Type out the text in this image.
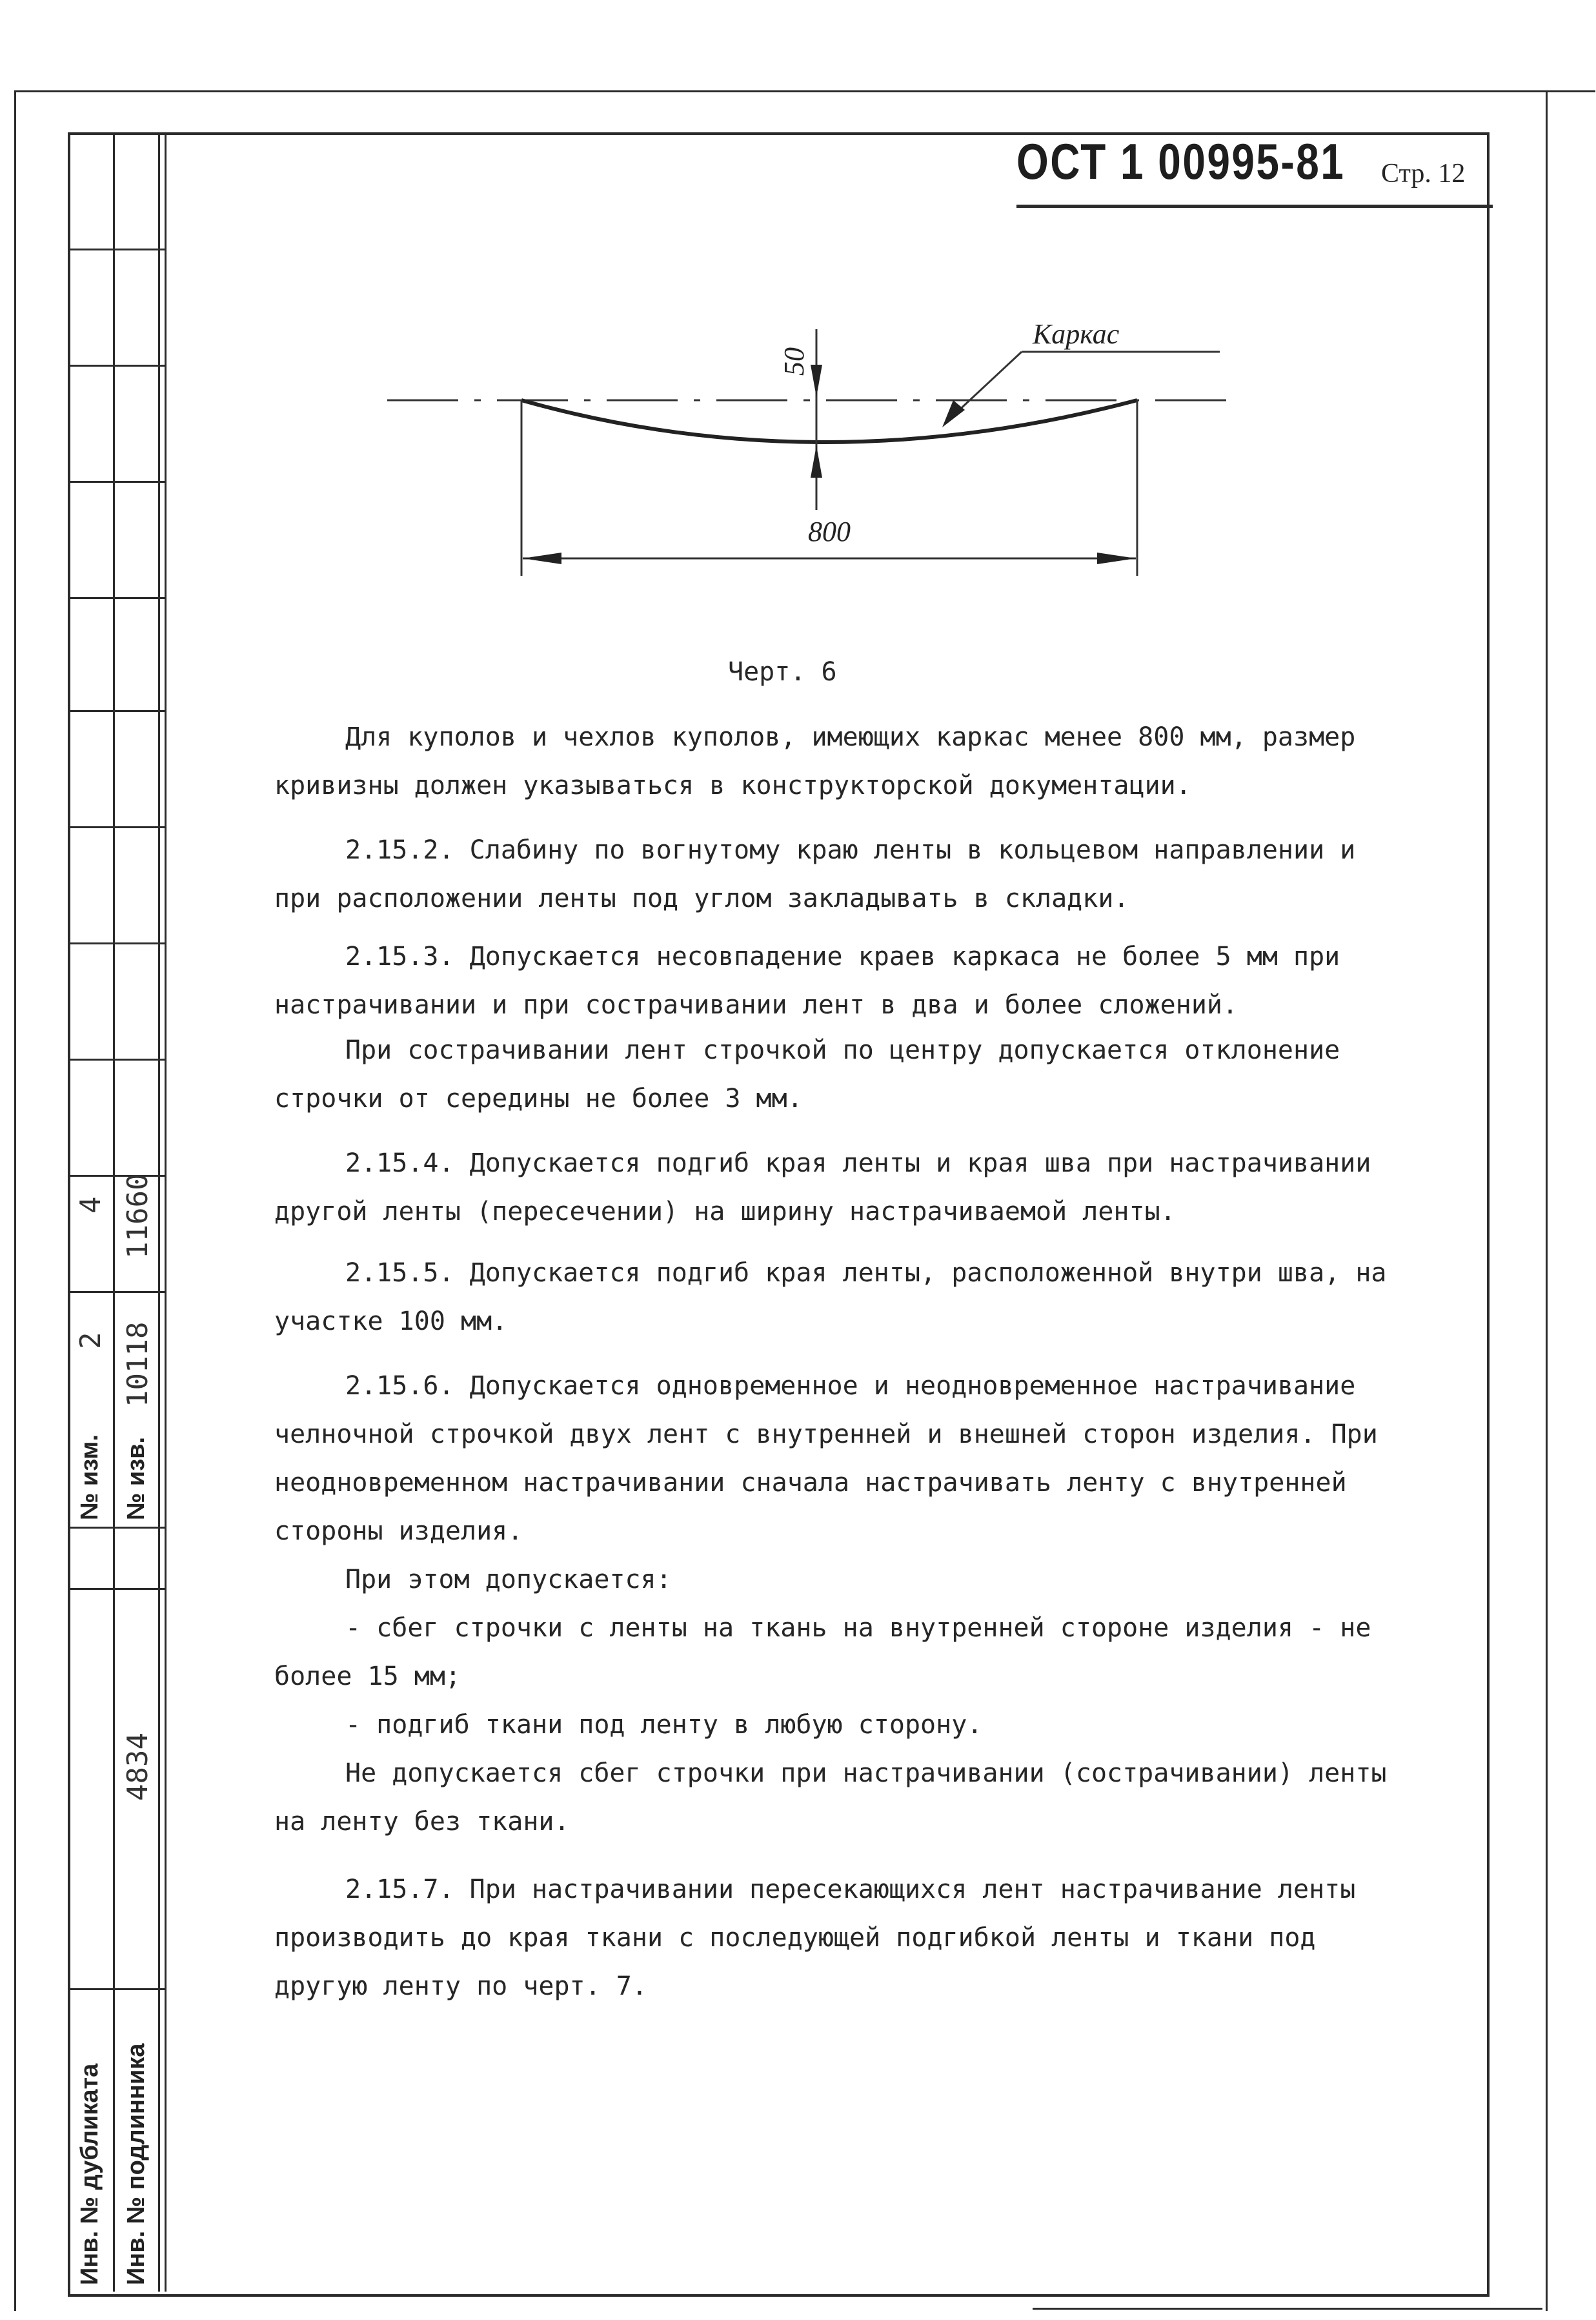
№ изм. № изв.
2
4
10118
11660
4834
Инв. № дубликата Инв. № подлинника
ОСТ 1 00995-81 Стр. 12
800
50
Каркас
Черт. 6

Для куполов и чехлов куполов, имеющих каркас менее 800 мм, размер кривизны должен указываться в конструкторской документации.

2.15.2. Слабину по вогнутому краю ленты в кольцевом направлении и при расположении ленты под углом закладывать в складки.

2.15.3. Допускается несовпадение краев каркаса не более 5 мм при настрачивании и при сострачивании лент в два и более сложений.

При сострачивании лент строчкой по центру допускается отклонение строчки от середины не более 3 мм.

2.15.4. Допускается подгиб края ленты и края шва при настрачивании другой ленты (пересечении) на ширину настрачиваемой ленты.

2.15.5. Допускается подгиб края ленты, расположенной внутри шва, на участке 100 мм.

2.15.6. Допускается одновременное и неодновременное настрачивание челночной строчкой двух лент с внутренней и внешней сторон изделия. При неодновременном настрачивании сначала настрачивать ленту с внутренней стороны изделия.

При этом допускается:

- сбег строчки с ленты на ткань на внутренней стороне изделия - не более 15 мм;

- подгиб ткани под ленту в любую сторону.

Не допускается сбег строчки при настрачивании (сострачивании) ленты на ленту без ткани.

2.15.7. При настрачивании пересекающихся лент настрачивание ленты производить до края ткани с последующей подгибкой ленты и ткани под другую ленту по черт. 7.
